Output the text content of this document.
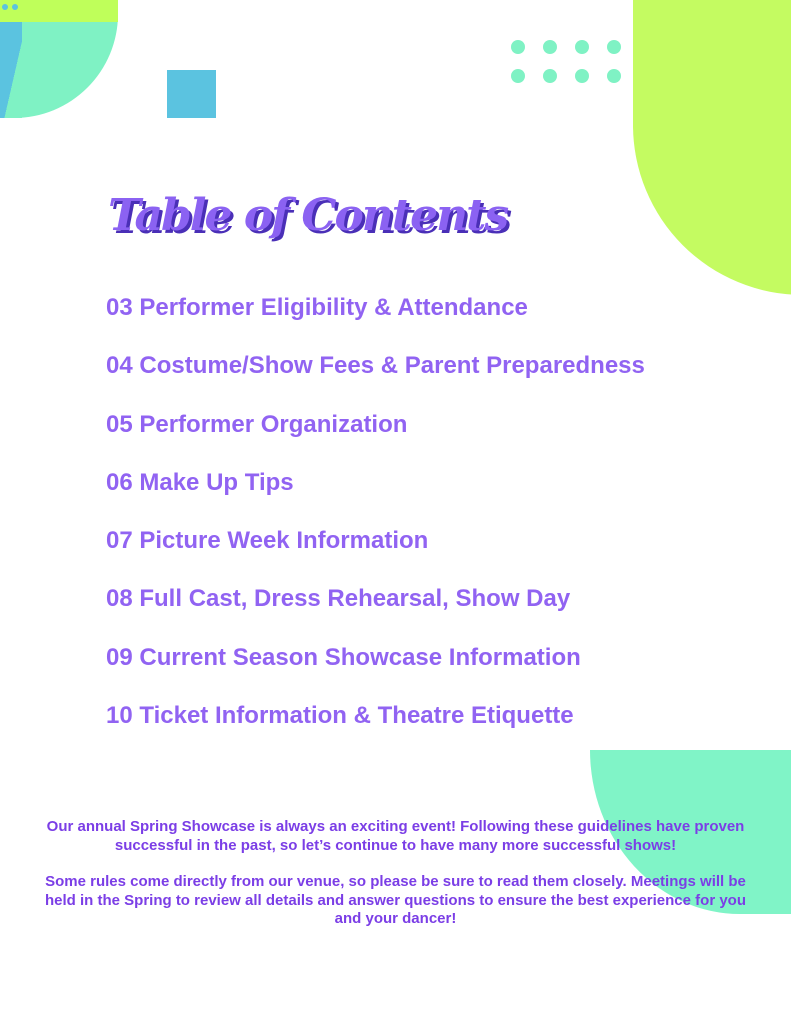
Table of Contents
03 Performer Eligibility & Attendance
04 Costume/Show Fees & Parent Preparedness
05 Performer Organization
06 Make Up Tips
07 Picture Week Information
08 Full Cast, Dress Rehearsal, Show Day
09 Current Season Showcase Information
10 Ticket Information & Theatre Etiquette

Our annual Spring Showcase is always an exciting event! Following these guidelines have proven successful in the past, so let’s continue to have many more successful shows!

Some rules come directly from our venue, so please be sure to read them closely. Meetings will be held in the Spring to review all details and answer questions to ensure the best experience for you and your dancer!
